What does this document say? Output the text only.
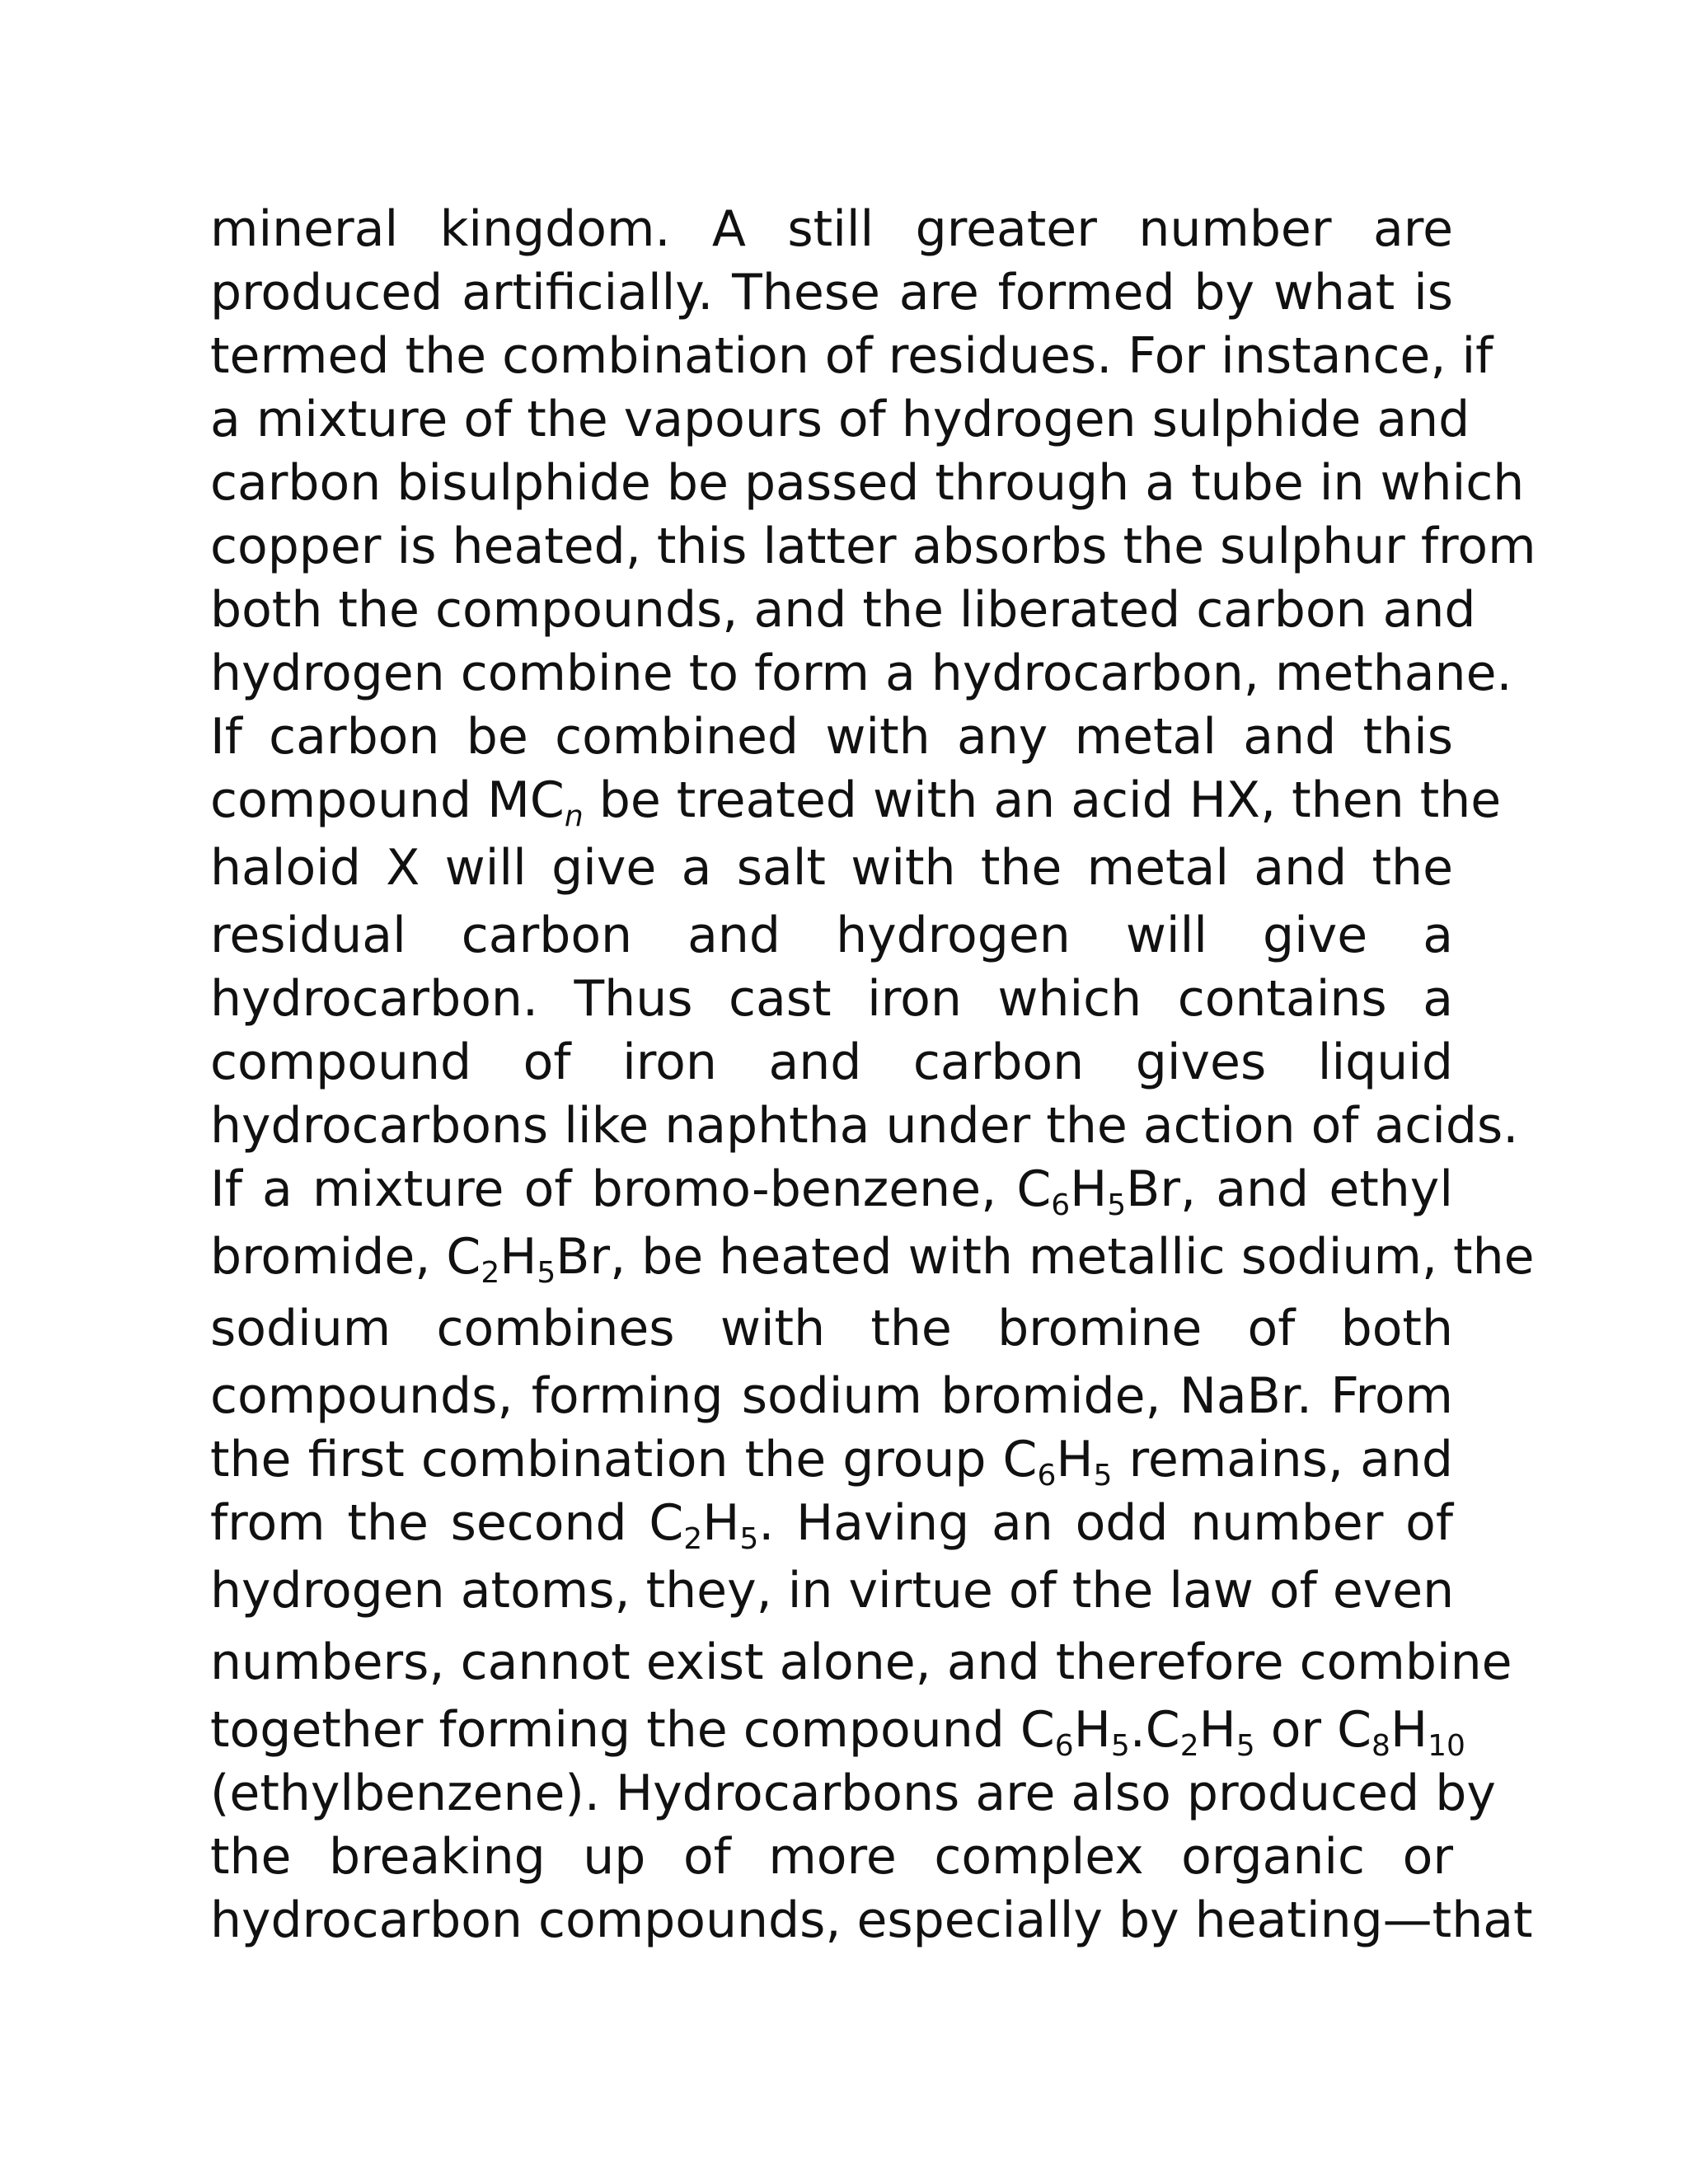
mineral kingdom. A still greater number are
produced artificially. These are formed by what is
termed the combination of residues. For instance, if
a mixture of the vapours of hydrogen sulphide and
carbon bisulphide be passed through a tube in which
copper is heated, this latter absorbs the sulphur from
both the compounds, and the liberated carbon and
hydrogen combine to form a hydrocarbon, methane.
If carbon be combined with any metal and this
compound $MC_n$ be treated with an acid HX, then the
haloid X will give a salt with the metal and the
residual carbon and hydrogen will give a
hydrocarbon. Thus cast iron which contains a
compound of iron and carbon gives liquid
hydrocarbons like naphtha under the action of acids.
If a mixture of bromo-benzene, $C_6H_5Br$, and ethyl
bromide, $C_2H_5Br$, be heated with metallic sodium, the
sodium combines with the bromine of both
compounds, forming sodium bromide, NaBr. From
the first combination the group $C_6H_5$ remains, and
from the second $C_2H_5$. Having an odd number of
hydrogen atoms, they, in virtue of the law of even
numbers, cannot exist alone, and therefore combine
together forming the compound $C_6H_5.C_2H_5$ or $C_8H_{10}$
(ethylbenzene). Hydrocarbons are also produced by
the breaking up of more complex organic or
hydrocarbon compounds, especially by heating—that
